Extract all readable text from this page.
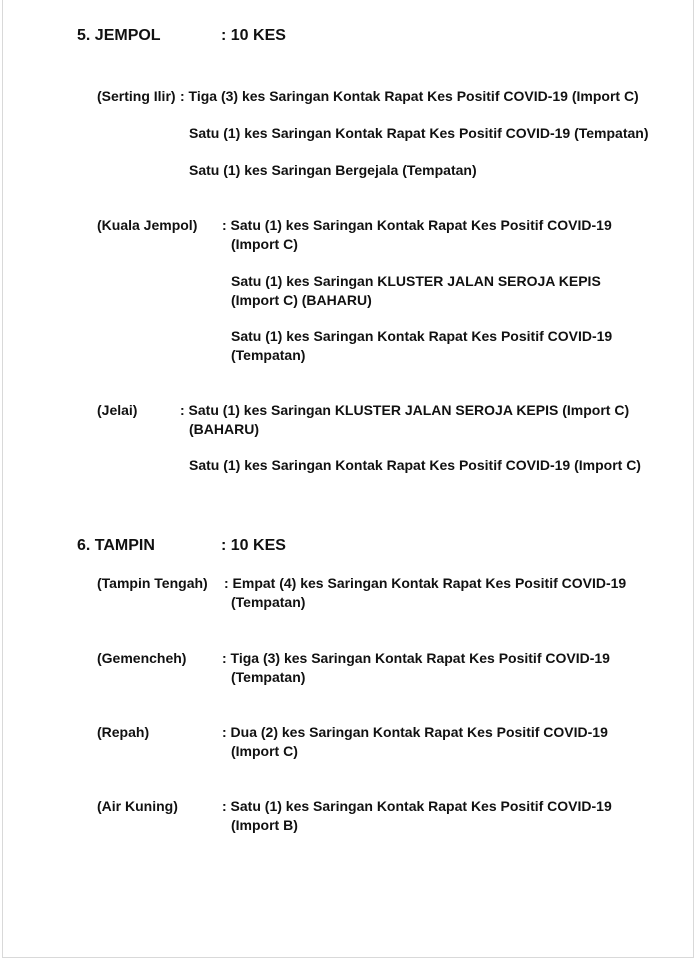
5. JEMPOL	: 10 KES
(Serting Ilir) : Tiga (3) kes Saringan Kontak Rapat Kes Positif COVID-19 (Import C)
Satu (1) kes Saringan Kontak Rapat Kes Positif COVID-19 (Tempatan)
Satu (1) kes Saringan Bergejala (Tempatan)
(Kuala Jempol) : Satu (1) kes Saringan Kontak Rapat Kes Positif COVID-19
(Import C)
Satu (1) kes Saringan KLUSTER JALAN SEROJA KEPIS
(Import C) (BAHARU)
Satu (1) kes Saringan Kontak Rapat Kes Positif COVID-19
(Tempatan)
(Jelai)	: Satu (1) kes Saringan KLUSTER JALAN SEROJA KEPIS (Import C)
(BAHARU)
Satu (1) kes Saringan Kontak Rapat Kes Positif COVID-19 (Import C)
6. TAMPIN	: 10 KES
(Tampin Tengah) : Empat (4) kes Saringan Kontak Rapat Kes Positif COVID-19
(Tempatan)
(Gemencheh)	: Tiga (3) kes Saringan Kontak Rapat Kes Positif COVID-19
(Tempatan)
(Repah)	: Dua (2) kes Saringan Kontak Rapat Kes Positif COVID-19
(Import C)
(Air Kuning)	: Satu (1) kes Saringan Kontak Rapat Kes Positif COVID-19
(Import B)
